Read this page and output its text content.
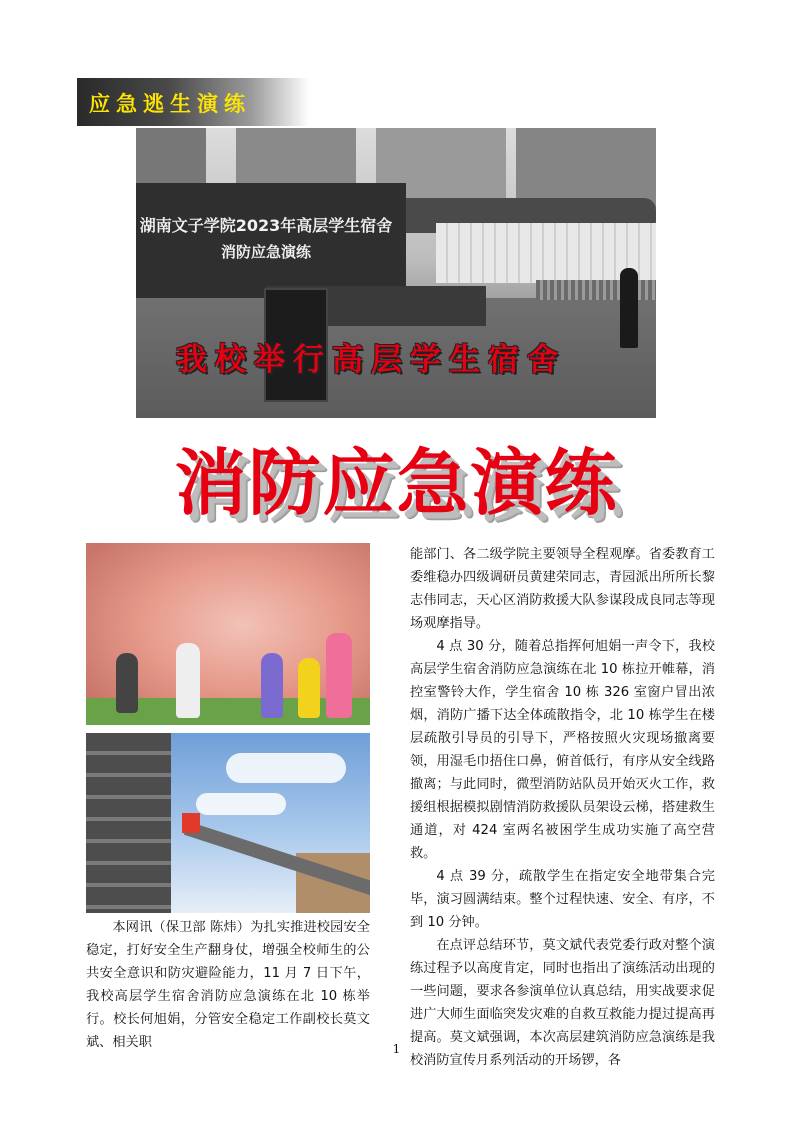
应急逃生演练
湖南文子学院2023年高层学生宿舍
消防应急演练
我校举行高层学生宿舍
消防应急演练

本网讯（保卫部 陈炜）为扎实推进校园安全稳定，打好安全生产翻身仗，增强全校师生的公共安全意识和防灾避险能力，11 月 7 日下午，我校高层学生宿舍消防应急演练在北 10 栋举行。校长何旭娟，分管安全稳定工作副校长莫文斌、相关职

能部门、各二级学院主要领导全程观摩。省委教育工委维稳办四级调研员黄建荣同志，青园派出所所长黎志伟同志，天心区消防救援大队参谋段成良同志等现场观摩指导。

4 点 30 分，随着总指挥何旭娟一声令下，我校高层学生宿舍消防应急演练在北 10 栋拉开帷幕，消控室警铃大作，学生宿舍 10 栋 326 室窗户冒出浓烟，消防广播下达全体疏散指令，北 10 栋学生在楼层疏散引导员的引导下，严格按照火灾现场撤离要领，用湿毛巾捂住口鼻，俯首低行，有序从安全线路撤离；与此同时，微型消防站队员开始灭火工作，救援组根据模拟剧情消防救援队员架设云梯，搭建救生通道，对 424 室两名被困学生成功实施了高空营救。

4 点 39 分，疏散学生在指定安全地带集合完毕，演习圆满结束。整个过程快速、安全、有序，不到 10 分钟。

在点评总结环节，莫文斌代表党委行政对整个演练过程予以高度肯定，同时也指出了演练活动出现的一些问题，要求各参演单位认真总结，用实战要求促进广大师生面临突发灾难的自救互救能力提过提高再提高。莫文斌强调，本次高层建筑消防应急演练是我校消防宣传月系列活动的开场锣，各

1
